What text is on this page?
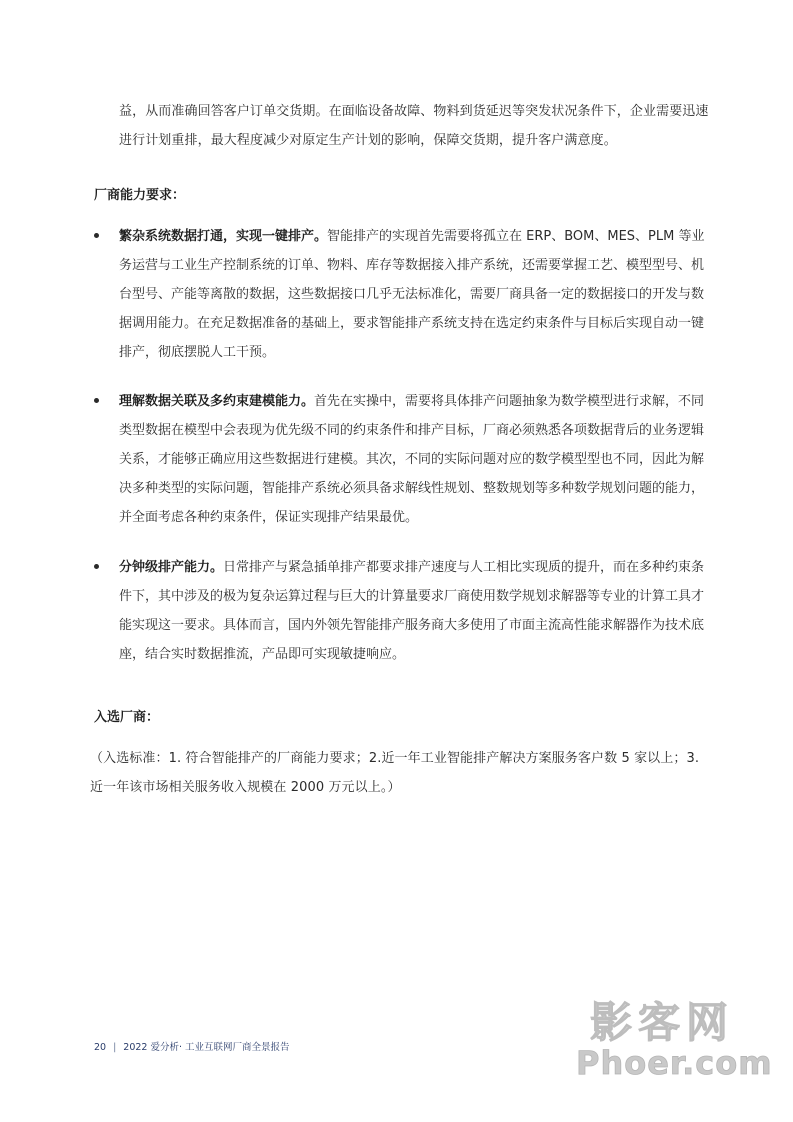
益，从而准确回答客户订单交货期。在面临设备故障、物料到货延迟等突发状况条件下，企业需要迅速进行计划重排，最大程度减少对原定生产计划的影响，保障交货期，提升客户满意度。
厂商能力要求：
繁杂系统数据打通，实现一键排产。智能排产的实现首先需要将孤立在 ERP、BOM、MES、PLM 等业务运营与工业生产控制系统的订单、物料、库存等数据接入排产系统，还需要掌握工艺、模型型号、机台型号、产能等离散的数据，这些数据接口几乎无法标准化，需要厂商具备一定的数据接口的开发与数据调用能力。在充足数据准备的基础上，要求智能排产系统支持在选定约束条件与目标后实现自动一键排产，彻底摆脱人工干预。
理解数据关联及多约束建模能力。首先在实操中，需要将具体排产问题抽象为数学模型进行求解，不同类型数据在模型中会表现为优先级不同的约束条件和排产目标，厂商必须熟悉各项数据背后的业务逻辑关系，才能够正确应用这些数据进行建模。其次，不同的实际问题对应的数学模型型也不同，因此为解决多种类型的实际问题，智能排产系统必须具备求解线性规划、整数规划等多种数学规划问题的能力，并全面考虑各种约束条件，保证实现排产结果最优。
分钟级排产能力。日常排产与紧急插单排产都要求排产速度与人工相比实现质的提升，而在多种约束条件下，其中涉及的极为复杂运算过程与巨大的计算量要求厂商使用数学规划求解器等专业的计算工具才能实现这一要求。具体而言，国内外领先智能排产服务商大多使用了市面主流高性能求解器作为技术底座，结合实时数据推流，产品即可实现敏捷响应。
入选厂商：
（入选标准：1. 符合智能排产的厂商能力要求；2.近一年工业智能排产解决方案服务客户数 5 家以上；3.近一年该市场相关服务收入规模在 2000 万元以上。）
20 | 2022 爱分析· 工业互联网厂商全景报告
影客网
Phoer.com
